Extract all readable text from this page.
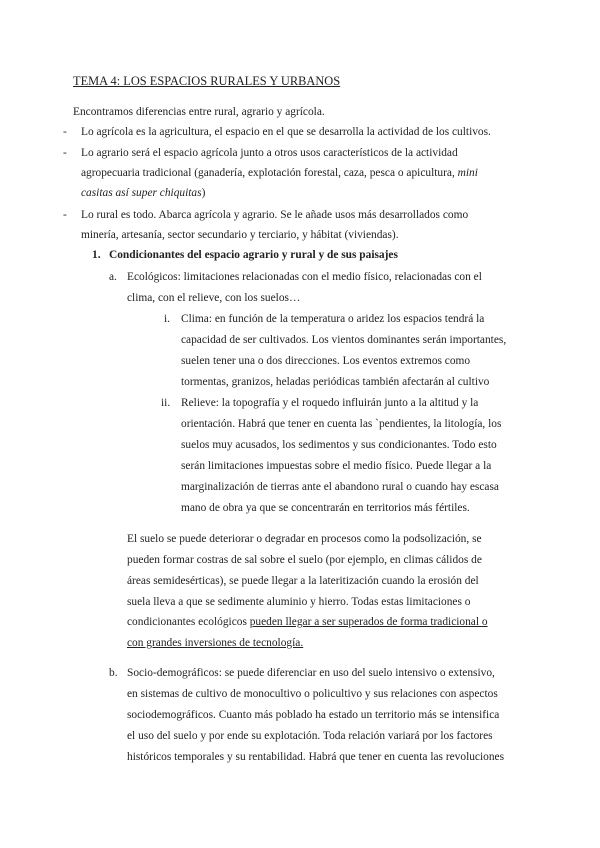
TEMA 4: LOS ESPACIOS RURALES Y URBANOS
Encontramos diferencias entre rural, agrario y agrícola.
- Lo agrícola es la agricultura, el espacio en el que se desarrolla la actividad de los cultivos.
- Lo agrario será el espacio agrícola junto a otros usos característicos de la actividad
agropecuaria tradicional (ganadería, explotación forestal, caza, pesca o apicultura, mini
casitas así super chiquitas)
- Lo rural es todo. Abarca agrícola y agrario. Se le añade usos más desarrollados como
minería, artesanía, sector secundario y terciario, y hábitat (viviendas).
1. Condicionantes del espacio agrario y rural y de sus paisajes
a. Ecológicos: limitaciones relacionadas con el medio físico, relacionadas con el
clima, con el relieve, con los suelos…
i. Clima: en función de la temperatura o aridez los espacios tendrá la
capacidad de ser cultivados. Los vientos dominantes serán importantes,
suelen tener una o dos direcciones. Los eventos extremos como
tormentas, granizos, heladas periódicas también afectarán al cultivo
ii. Relieve: la topografía y el roquedo influirán junto a la altitud y la
orientación. Habrá que tener en cuenta las `pendientes, la litología, los
suelos muy acusados, los sedimentos y sus condicionantes. Todo esto
serán limitaciones impuestas sobre el medio físico. Puede llegar a la
marginalización de tierras ante el abandono rural o cuando hay escasa
mano de obra ya que se concentrarán en territorios más fértiles.
El suelo se puede deteriorar o degradar en procesos como la podsolización, se
pueden formar costras de sal sobre el suelo (por ejemplo, en climas cálidos de
áreas semidesérticas), se puede llegar a la lateritización cuando la erosión del
suela lleva a que se sedimente aluminio y hierro. Todas estas limitaciones o
condicionantes ecológicos pueden llegar a ser superados de forma tradicional o
con grandes inversiones de tecnología.
b. Socio-demográficos: se puede diferenciar en uso del suelo intensivo o extensivo,
en sistemas de cultivo de monocultivo o policultivo y sus relaciones con aspectos
sociodemográficos. Cuanto más poblado ha estado un territorio más se intensifica
el uso del suelo y por ende su explotación. Toda relación variará por los factores
históricos temporales y su rentabilidad. Habrá que tener en cuenta las revoluciones
